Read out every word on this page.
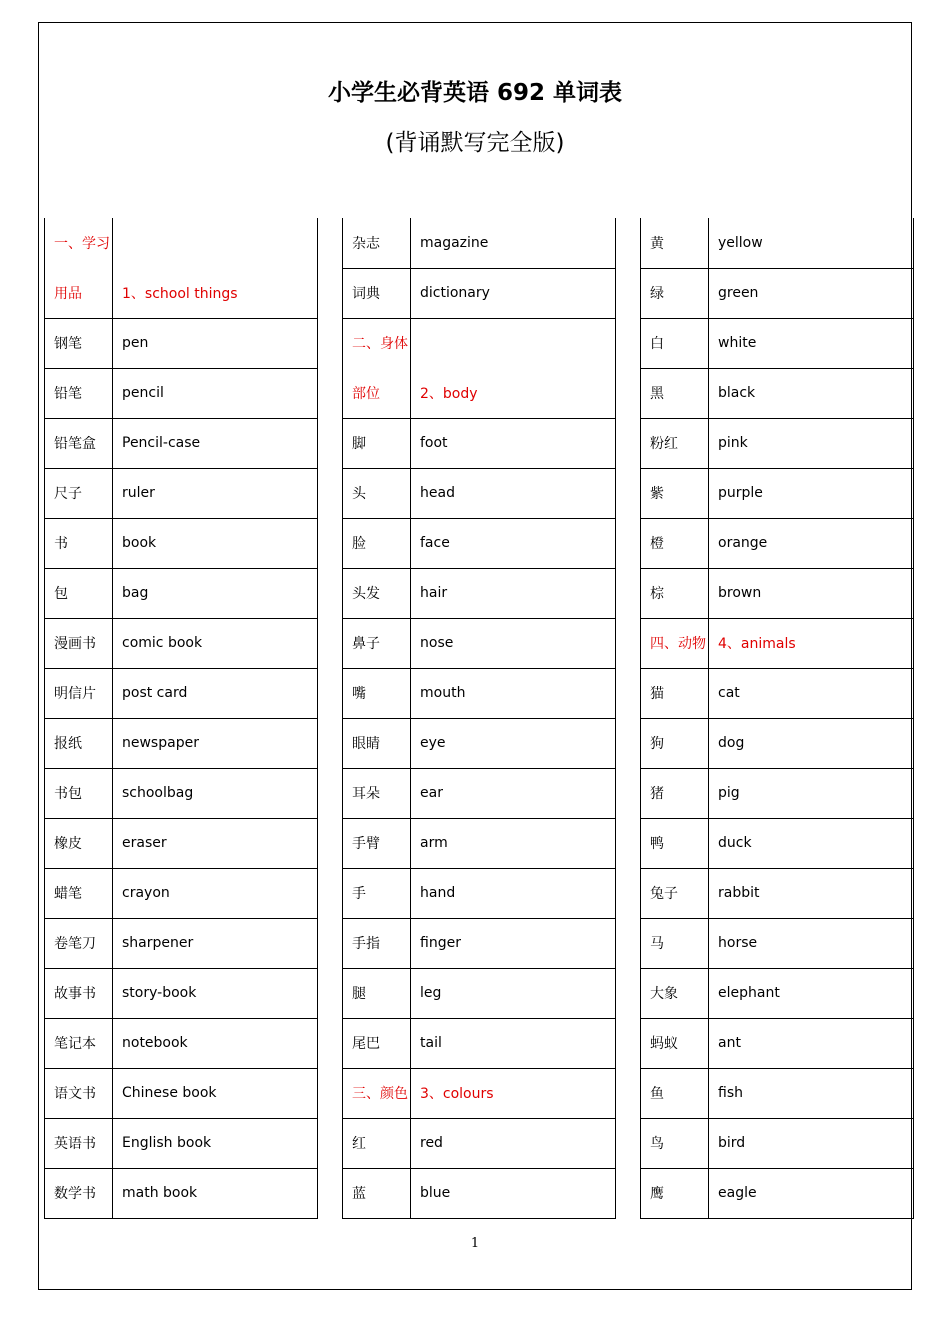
小学生必背英语 692 单词表
(背诵默写完全版)
一、学习	
用品	1、school things
钢笔	pen
铅笔	pencil
铅笔盒	Pencil-case
尺子	ruler
书	book
包	bag
漫画书	comic book
明信片	post card
报纸	newspaper
书包	schoolbag
橡皮	eraser
蜡笔	crayon
卷笔刀	sharpener
故事书	story-book
笔记本	notebook
语文书	Chinese book
英语书	English book
数学书	math book
杂志	magazine
词典	dictionary
二、身体	
部位	2、body
脚	foot
头	head
脸	face
头发	hair
鼻子	nose
嘴	mouth
眼睛	eye
耳朵	ear
手臂	arm
手	hand
手指	finger
腿	leg
尾巴	tail
三、颜色	3、colours
红	red
蓝	blue
黄	yellow
绿	green
白	white
黑	black
粉红	pink
紫	purple
橙	orange
棕	brown
四、动物	4、animals
猫	cat
狗	dog
猪	pig
鸭	duck
兔子	rabbit
马	horse
大象	elephant
蚂蚁	ant
鱼	fish
鸟	bird
鹰	eagle
1
